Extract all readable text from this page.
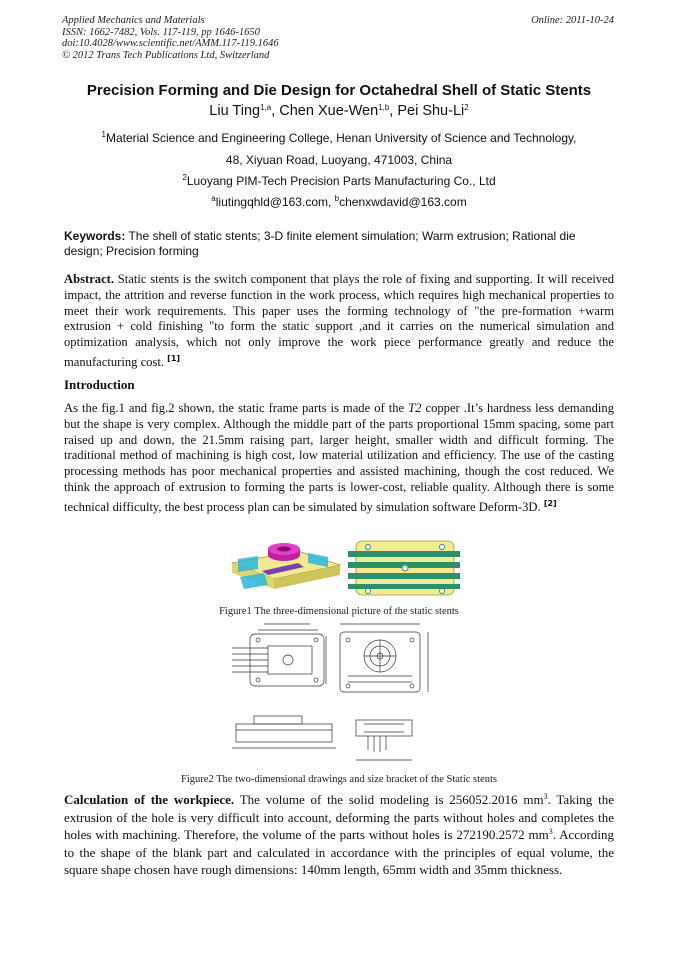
Applied Mechanics and Materials
ISSN: 1662-7482, Vols. 117-119, pp 1646-1650
doi:10.4028/www.scientific.net/AMM.117-119.1646
© 2012 Trans Tech Publications Ltd, Switzerland
Online: 2011-10-24
Precision Forming and Die Design for Octahedral Shell of Static Stents
Liu Ting$^{1,a}$, Chen Xue-Wen$^{1,b}$, Pei Shu-Li$^2$
$^1$Material Science and Engineering College, Henan University of Science and Technology,
48, Xiyuan Road, Luoyang, 471003, China
$^2$Luoyang PIM-Tech Precision Parts Manufacturing Co., Ltd
$^a$liutingqhld@163.com, $^b$chenxwdavid@163.com
Keywords: The shell of static stents; 3-D finite element simulation; Warm extrusion; Rational die design; Precision forming
Abstract. Static stents is the switch component that plays the role of fixing and supporting. It will received impact, the attrition and reverse function in the work process, which requires high mechanical properties to meet their work requirements. This paper uses the forming technology of "the pre-formation +warm extrusion + cold finishing "to form the static support ,and it carries on the numerical simulation and optimization analysis, which not only improve the work piece performance greatly and reduce the manufacturing cost. [1]
Introduction
As the fig.1 and fig.2 shown, the static frame parts is made of the T2 copper .It’s hardness less demanding but the shape is very complex. Although the middle part of the parts proportional 15mm spacing, some part raised up and down, the 21.5mm raising part, larger height, smaller width and difficult forming. The traditional method of machining is high cost, low material utilization and efficiency. The use of the casting processing methods has poor mechanical properties and assisted machining, though the cost reduced. We think the approach of extrusion to forming the parts is lower-cost, reliable quality. Although there is some technical difficulty, the best process plan can be simulated by simulation software Deform-3D. [2]
Figure1 The three-dimensional picture of the static stents
Figure2 The two-dimensional drawings and size bracket of the Static stents
Calculation of the workpiece. The volume of the solid modeling is 256052.2016 $mm^3$. Taking the extrusion of the hole is very difficult into account, deforming the parts without holes and completes the holes with machining. Therefore, the volume of the parts without holes is 272190.2572 $mm^3$. According to the shape of the blank part and calculated in accordance with the principles of equal volume, the square shape chosen have rough dimensions: 140mm length, 65mm width and 35mm thickness.
